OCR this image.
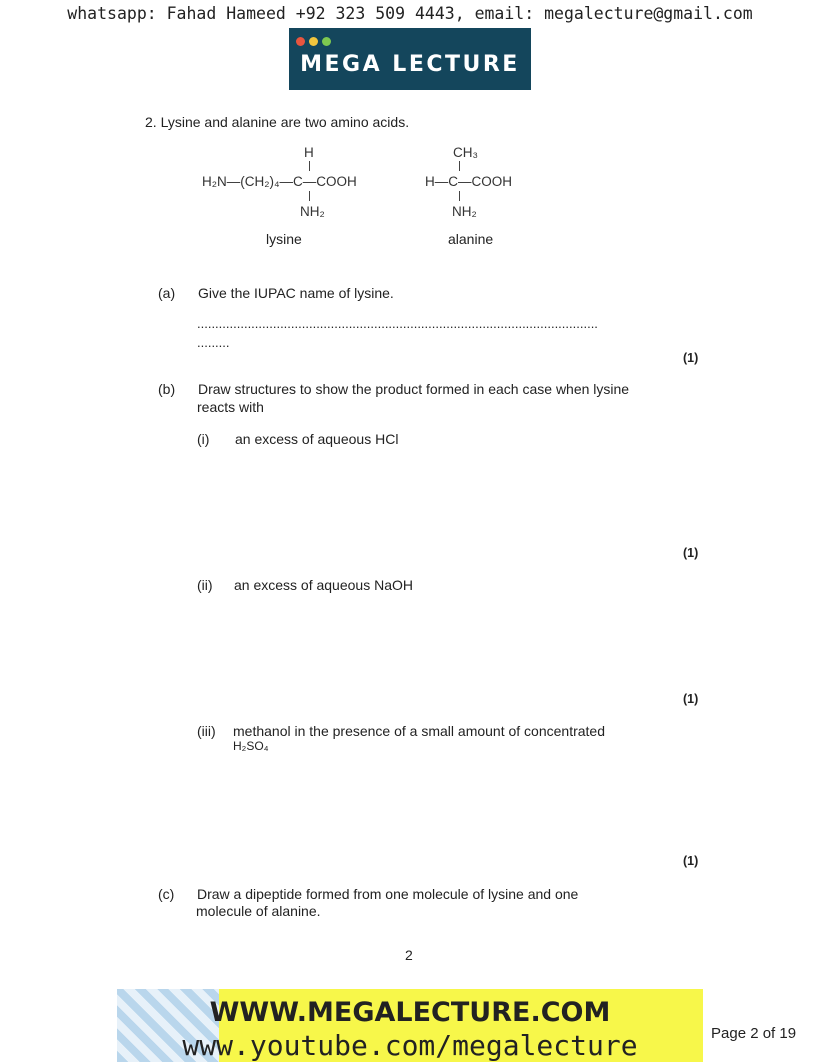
whatsapp: Fahad Hameed +92 323 509 4443, email: megalecture@gmail.com
MEGA LECTURE
2. Lysine and alanine are two amino acids.
H
H₂N—(CH₂)₄—C—COOH
NH₂
lysine
CH₃
H—C—COOH
NH₂
alanine
(a) Give the IUPAC name of lysine.
...............................................................................................................
.........
(1)
(b) Draw structures to show the product formed in each case when lysine
reacts with
(i) an excess of aqueous HCl
(1)
(ii) an excess of aqueous NaOH
(1)
(iii) methanol in the presence of a small amount of concentrated
H₂SO₄
(1)
(c) Draw a dipeptide formed from one molecule of lysine and one
molecule of alanine.
2
WWW.MEGALECTURE.COM
www.youtube.com/megalecture	Page 2 of 19
